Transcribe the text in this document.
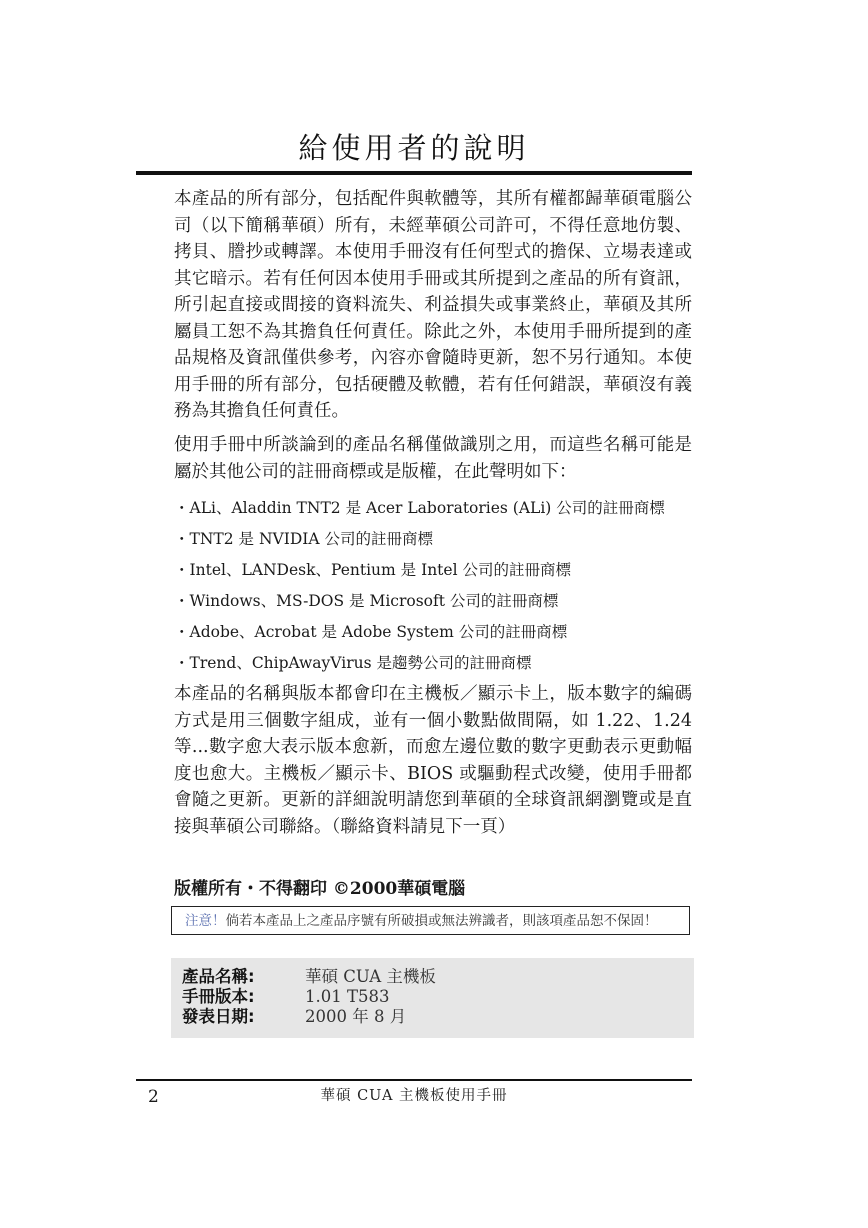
給使用者的說明

本產品的所有部分，包括配件與軟體等，其所有權都歸華碩電腦公司（以下簡稱華碩）所有，未經華碩公司許可，不得任意地仿製、拷貝、謄抄或轉譯。本使用手冊沒有任何型式的擔保、立場表達或其它暗示。若有任何因本使用手冊或其所提到之產品的所有資訊，所引起直接或間接的資料流失、利益損失或事業終止，華碩及其所屬員工恕不為其擔負任何責任。除此之外，本使用手冊所提到的產品規格及資訊僅供參考，內容亦會隨時更新，恕不另行通知。本使用手冊的所有部分，包括硬體及軟體，若有任何錯誤，華碩沒有義務為其擔負任何責任。

使用手冊中所談論到的產品名稱僅做識別之用，而這些名稱可能是屬於其他公司的註冊商標或是版權，在此聲明如下：

・ALi、Aladdin TNT2 是 Acer Laboratories (ALi) 公司的註冊商標
・TNT2 是 NVIDIA 公司的註冊商標
・Intel、LANDesk、Pentium 是 Intel 公司的註冊商標
・Windows、MS-DOS 是 Microsoft 公司的註冊商標
・Adobe、Acrobat 是 Adobe System 公司的註冊商標
・Trend、ChipAwayVirus 是趨勢公司的註冊商標

本產品的名稱與版本都會印在主機板／顯示卡上，版本數字的編碼方式是用三個數字組成，並有一個小數點做間隔，如 1.22、1.24 等...數字愈大表示版本愈新，而愈左邊位數的數字更動表示更動幅度也愈大。主機板／顯示卡、BIOS 或驅動程式改變，使用手冊都會隨之更新。更新的詳細說明請您到華碩的全球資訊網瀏覽或是直接與華碩公司聯絡。（聯絡資料請見下一頁）

版權所有・不得翻印 ©2000華碩電腦
注意！倘若本產品上之產品序號有所破損或無法辨識者，則該項產品恕不保固！
產品名稱:	華碩 CUA 主機板
手冊版本:	1.01 T583
發表日期:	2000 年 8 月
2	華碩 CUA 主機板使用手冊
